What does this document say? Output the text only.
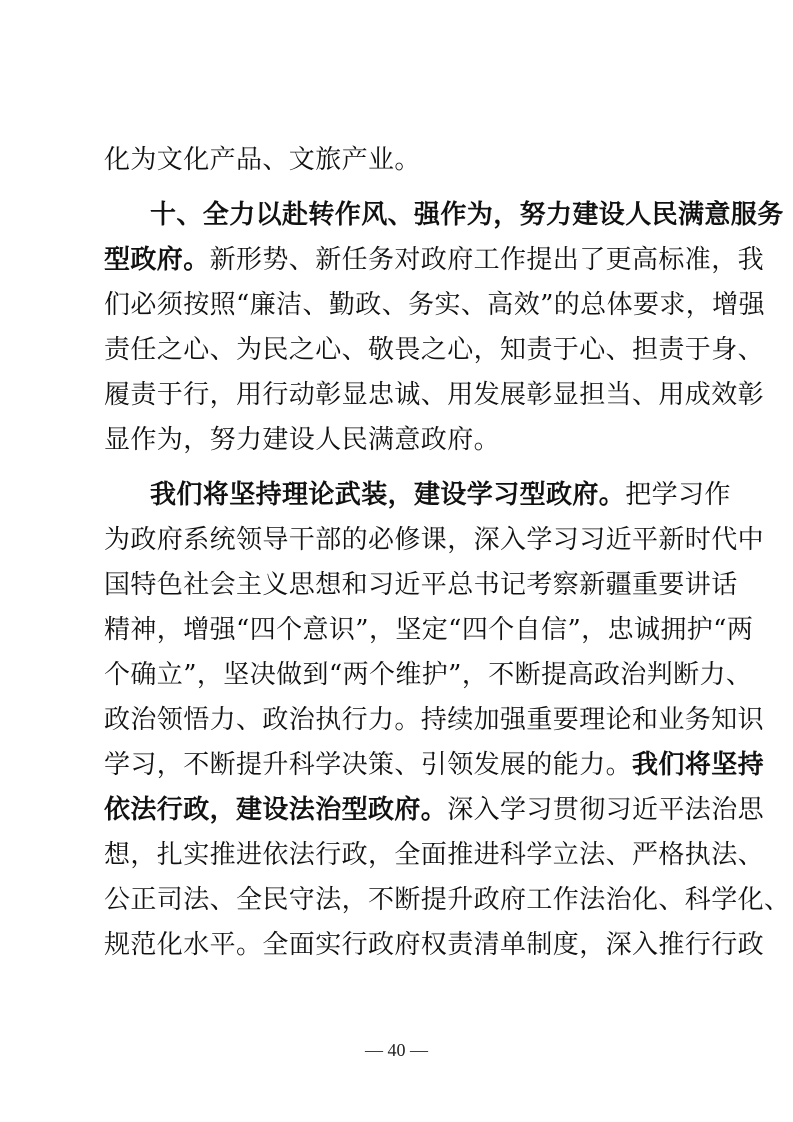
化为文化产品、文旅产业。
十、全力以赴转作风、强作为，努力建设人民满意服务
型政府。新形势、新任务对政府工作提出了更高标准，我
们必须按照“廉洁、勤政、务实、高效”的总体要求，增强
责任之心、为民之心、敬畏之心，知责于心、担责于身、
履责于行，用行动彰显忠诚、用发展彰显担当、用成效彰
显作为，努力建设人民满意政府。
我们将坚持理论武装，建设学习型政府。把学习作
为政府系统领导干部的必修课，深入学习习近平新时代中
国特色社会主义思想和习近平总书记考察新疆重要讲话
精神，增强“四个意识”，坚定“四个自信”，忠诚拥护“两
个确立”，坚决做到“两个维护”，不断提高政治判断力、
政治领悟力、政治执行力。持续加强重要理论和业务知识
学习，不断提升科学决策、引领发展的能力。我们将坚持
依法行政，建设法治型政府。深入学习贯彻习近平法治思
想，扎实推进依法行政，全面推进科学立法、严格执法、
公正司法、全民守法，不断提升政府工作法治化、科学化、
规范化水平。全面实行政府权责清单制度，深入推行行政
— 40 —
